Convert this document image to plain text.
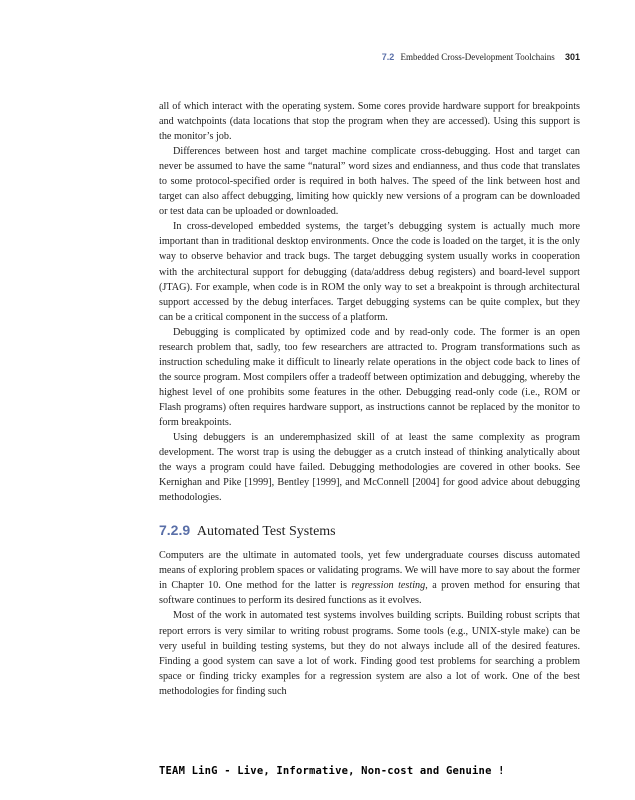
7.2 Embedded Cross-Development Toolchains 301

all of which interact with the operating system. Some cores provide hardware support for breakpoints and watchpoints (data locations that stop the program when they are accessed). Using this support is the monitor’s job.

Differences between host and target machine complicate cross-debugging. Host and target can never be assumed to have the same “natural” word sizes and endianness, and thus code that translates to some protocol-specified order is required in both halves. The speed of the link between host and target can also affect debugging, limiting how quickly new versions of a program can be downloaded or test data can be uploaded or downloaded.

In cross-developed embedded systems, the target’s debugging system is actually much more important than in traditional desktop environments. Once the code is loaded on the target, it is the only way to observe behavior and track bugs. The target debugging system usually works in cooperation with the architectural support for debugging (data/address debug registers) and board-level support (JTAG). For example, when code is in ROM the only way to set a breakpoint is through architectural support accessed by the debug interfaces. Target debugging systems can be quite complex, but they can be a critical component in the success of a platform.

Debugging is complicated by optimized code and by read-only code. The former is an open research problem that, sadly, too few researchers are attracted to. Program transformations such as instruction scheduling make it difficult to linearly relate operations in the object code back to lines of the source program. Most compilers offer a tradeoff between optimization and debugging, whereby the highest level of one prohibits some features in the other. Debugging read-only code (i.e., ROM or Flash programs) often requires hardware support, as instructions cannot be replaced by the monitor to form breakpoints.

Using debuggers is an underemphasized skill of at least the same complexity as program development. The worst trap is using the debugger as a crutch instead of thinking analytically about the ways a program could have failed. Debugging methodologies are covered in other books. See Kernighan and Pike [1999], Bentley [1999], and McConnell [2004] for good advice about debugging methodologies.

7.2.9 Automated Test Systems

Computers are the ultimate in automated tools, yet few undergraduate courses discuss automated means of exploring problem spaces or validating programs. We will have more to say about the former in Chapter 10. One method for the latter is regression testing, a proven method for ensuring that software continues to perform its desired functions as it evolves.

Most of the work in automated test systems involves building scripts. Building robust scripts that report errors is very similar to writing robust programs. Some tools (e.g., UNIX-style make) can be very useful in building testing systems, but they do not always include all of the desired features. Finding a good system can save a lot of work. Finding good test problems for searching a problem space or finding tricky examples for a regression system are also a lot of work. One of the best methodologies for finding such

TEAM LinG - Live, Informative, Non-cost and Genuine !
